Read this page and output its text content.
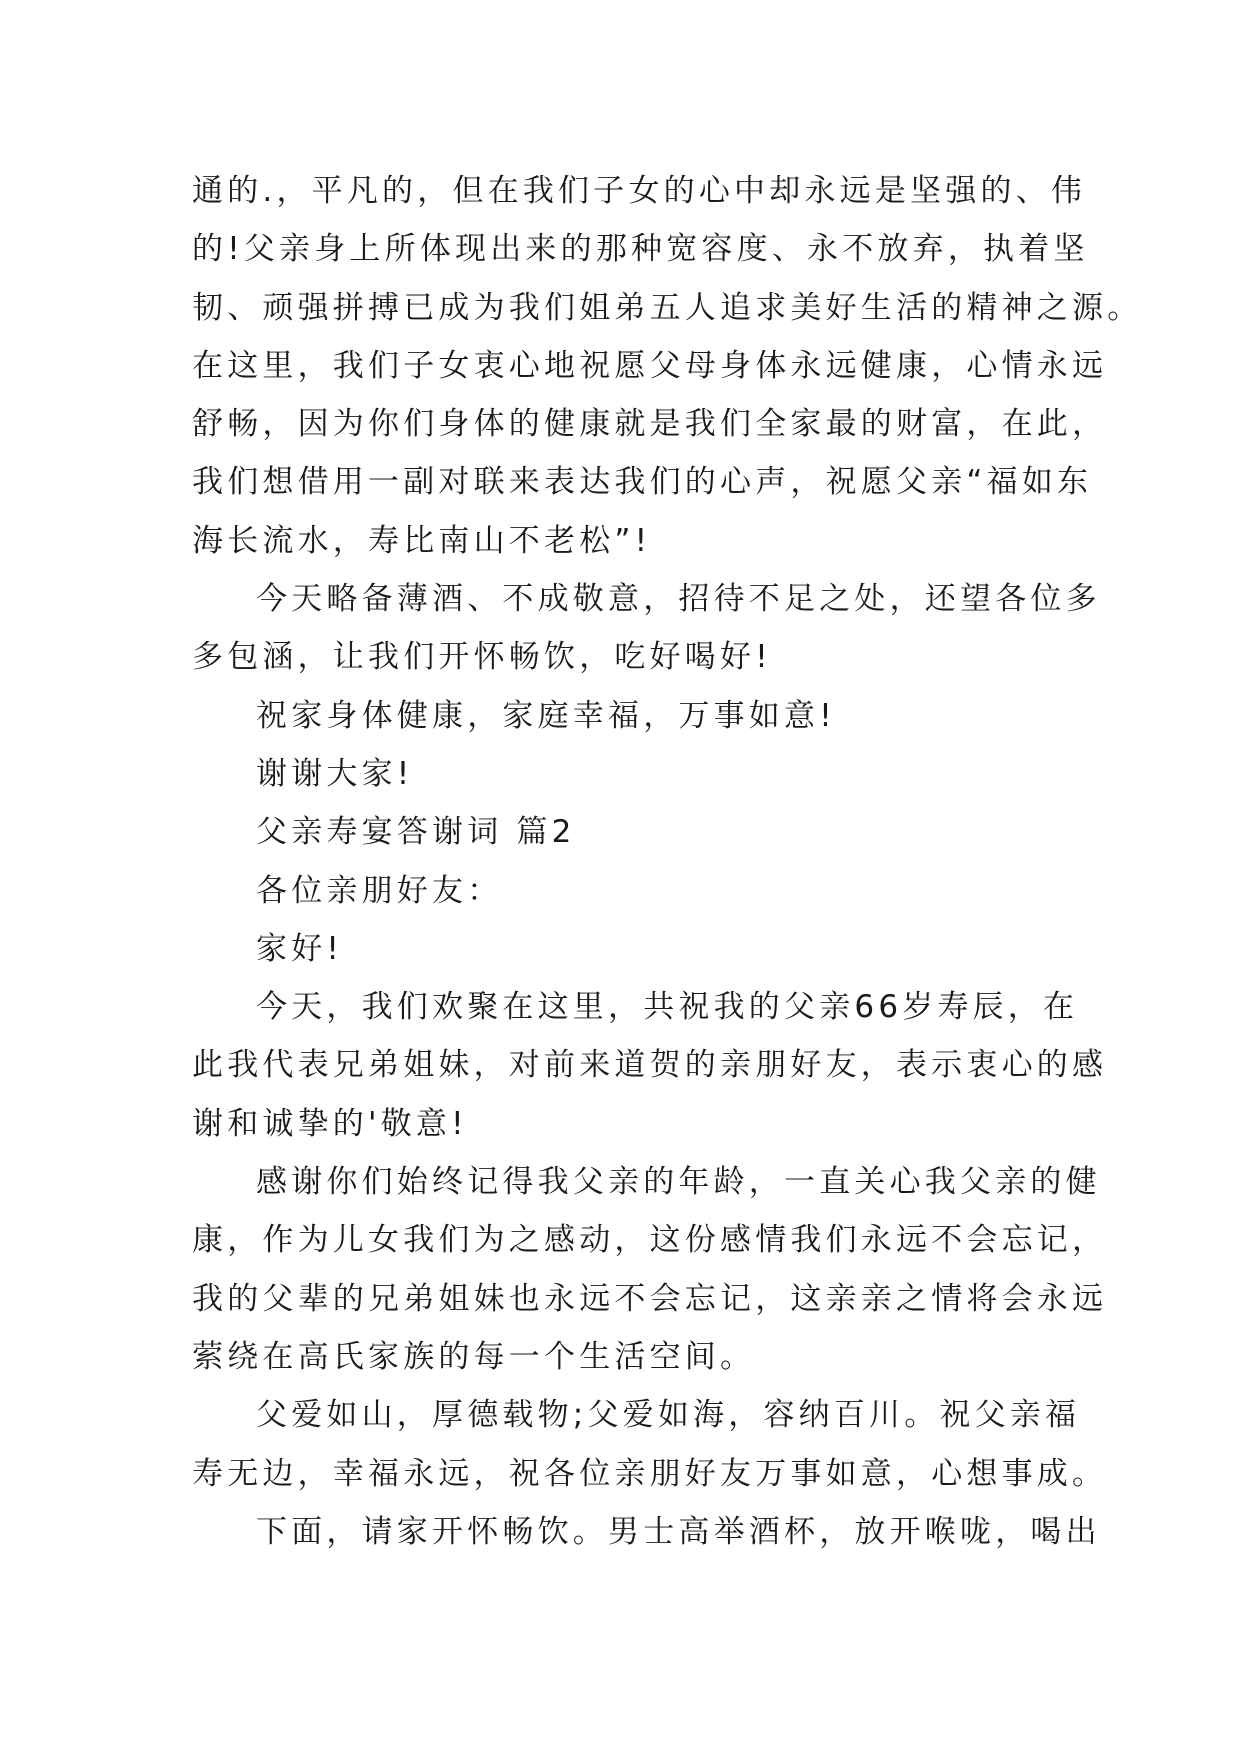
通的.，平凡的，但在我们子女的心中却永远是坚强的、伟
的!父亲身上所体现出来的那种宽容度、永不放弃，执着坚
韧、顽强拼搏已成为我们姐弟五人追求美好生活的精神之源。
在这里，我们子女衷心地祝愿父母身体永远健康，心情永远
舒畅，因为你们身体的健康就是我们全家最的财富，在此，
我们想借用一副对联来表达我们的心声，祝愿父亲“福如东
海长流水，寿比南山不老松”!
今天略备薄酒、不成敬意，招待不足之处，还望各位多
多包涵，让我们开怀畅饮，吃好喝好!
祝家身体健康，家庭幸福，万事如意!
谢谢大家!
父亲寿宴答谢词 篇2
各位亲朋好友：
家好!
今天，我们欢聚在这里，共祝我的父亲66岁寿辰，在
此我代表兄弟姐妹，对前来道贺的亲朋好友，表示衷心的感
谢和诚挚的'敬意!
感谢你们始终记得我父亲的年龄，一直关心我父亲的健
康，作为儿女我们为之感动，这份感情我们永远不会忘记，
我的父辈的兄弟姐妹也永远不会忘记，这亲亲之情将会永远
萦绕在高氏家族的每一个生活空间。
父爱如山，厚德载物;父爱如海，容纳百川。祝父亲福
寿无边，幸福永远，祝各位亲朋好友万事如意，心想事成。
下面，请家开怀畅饮。男士高举酒杯，放开喉咙，喝出
